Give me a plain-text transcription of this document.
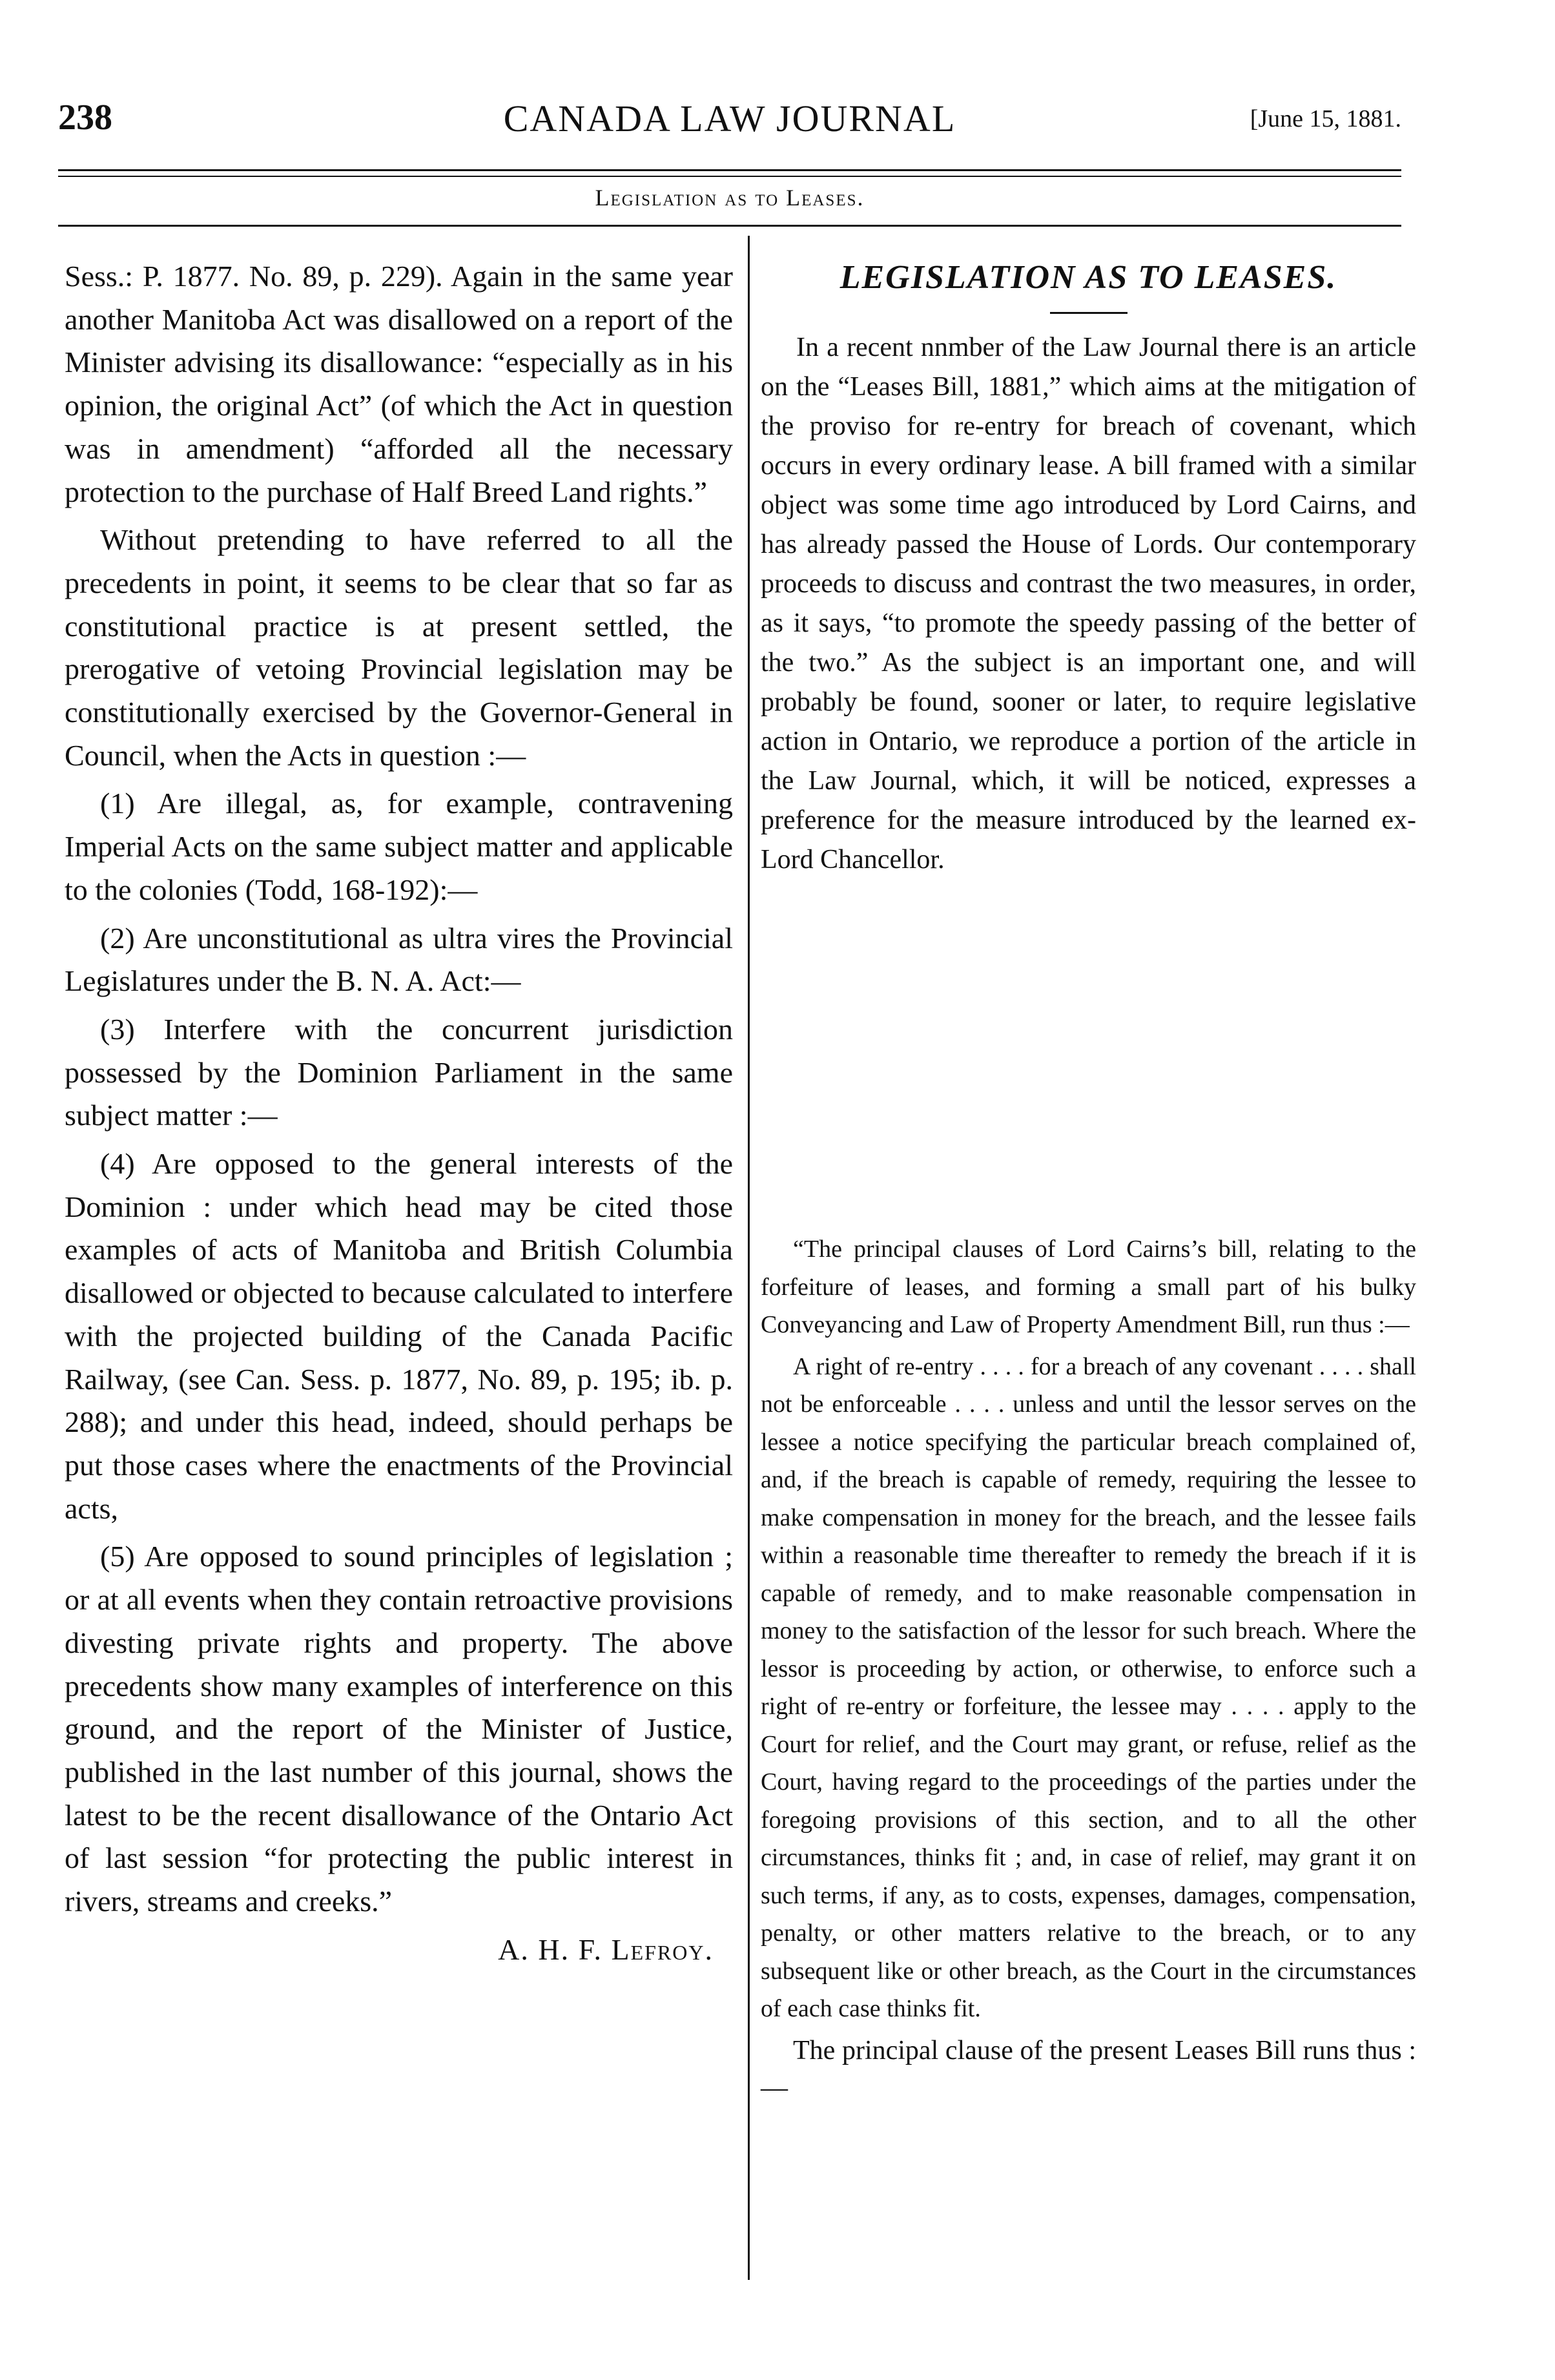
238	CANADA LAW JOURNAL	[June 15, 1881.
Legislation as to Leases.

Sess.: P. 1877. No. 89, p. 229). Again in the same year another Manitoba Act was disallowed on a report of the Minister advising its disallowance: “especially as in his opinion, the original Act” (of which the Act in question was in amendment) “afforded all the necessary protection to the purchase of Half Breed Land rights.”

Without pretending to have referred to all the precedents in point, it seems to be clear that so far as constitutional practice is at present settled, the prerogative of vetoing Provincial legislation may be constitutionally exercised by the Governor-General in Council, when the Acts in question :—

(1) Are illegal, as, for example, contravening Imperial Acts on the same subject matter and applicable to the colonies (Todd, 168-192):—

(2) Are unconstitutional as ultra vires the Provincial Legislatures under the B. N. A. Act:—

(3) Interfere with the concurrent jurisdiction possessed by the Dominion Parliament in the same subject matter :—

(4) Are opposed to the general interests of the Dominion : under which head may be cited those examples of acts of Manitoba and British Columbia disallowed or objected to because calculated to interfere with the projected building of the Canada Pacific Railway, (see Can. Sess. p. 1877, No. 89, p. 195; ib. p. 288); and under this head, indeed, should perhaps be put those cases where the enactments of the Provincial acts,

(5) Are opposed to sound principles of legislation ; or at all events when they contain retroactive provisions divesting private rights and property. The above precedents show many examples of interference on this ground, and the report of the Minister of Justice, published in the last number of this journal, shows the latest to be the recent disallowance of the Ontario Act of last session “for protecting the public interest in rivers, streams and creeks.”

A. H. F. Lefroy.
LEGISLATION AS TO LEASES.

In a recent nnmber of the Law Journal there is an article on the “Leases Bill, 1881,” which aims at the mitigation of the proviso for re-entry for breach of covenant, which occurs in every ordinary lease. A bill framed with a similar object was some time ago introduced by Lord Cairns, and has already passed the House of Lords. Our contemporary proceeds to discuss and contrast the two measures, in order, as it says, “to promote the speedy passing of the better of the two.” As the subject is an important one, and will probably be found, sooner or later, to require legislative action in Ontario, we reproduce a portion of the article in the Law Journal, which, it will be noticed, expresses a preference for the measure introduced by the learned ex-Lord Chancellor.

“The principal clauses of Lord Cairns’s bill, relating to the forfeiture of leases, and forming a small part of his bulky Conveyancing and Law of Property Amendment Bill, run thus :—

A right of re-entry . . . . for a breach of any covenant . . . . shall not be enforceable . . . . unless and until the lessor serves on the lessee a notice specifying the particular breach complained of, and, if the breach is capable of remedy, requiring the lessee to make compensation in money for the breach, and the lessee fails within a reasonable time thereafter to remedy the breach if it is capable of remedy, and to make reasonable compensation in money to the satisfaction of the lessor for such breach. Where the lessor is proceeding by action, or otherwise, to enforce such a right of re-entry or forfeiture, the lessee may . . . . apply to the Court for relief, and the Court may grant, or refuse, relief as the Court, having regard to the proceedings of the parties under the foregoing provisions of this section, and to all the other circumstances, thinks fit ; and, in case of relief, may grant it on such terms, if any, as to costs, expenses, damages, compensation, penalty, or other matters relative to the breach, or to any subsequent like or other breach, as the Court in the circumstances of each case thinks fit.

The principal clause of the present Leases Bill runs thus :—
